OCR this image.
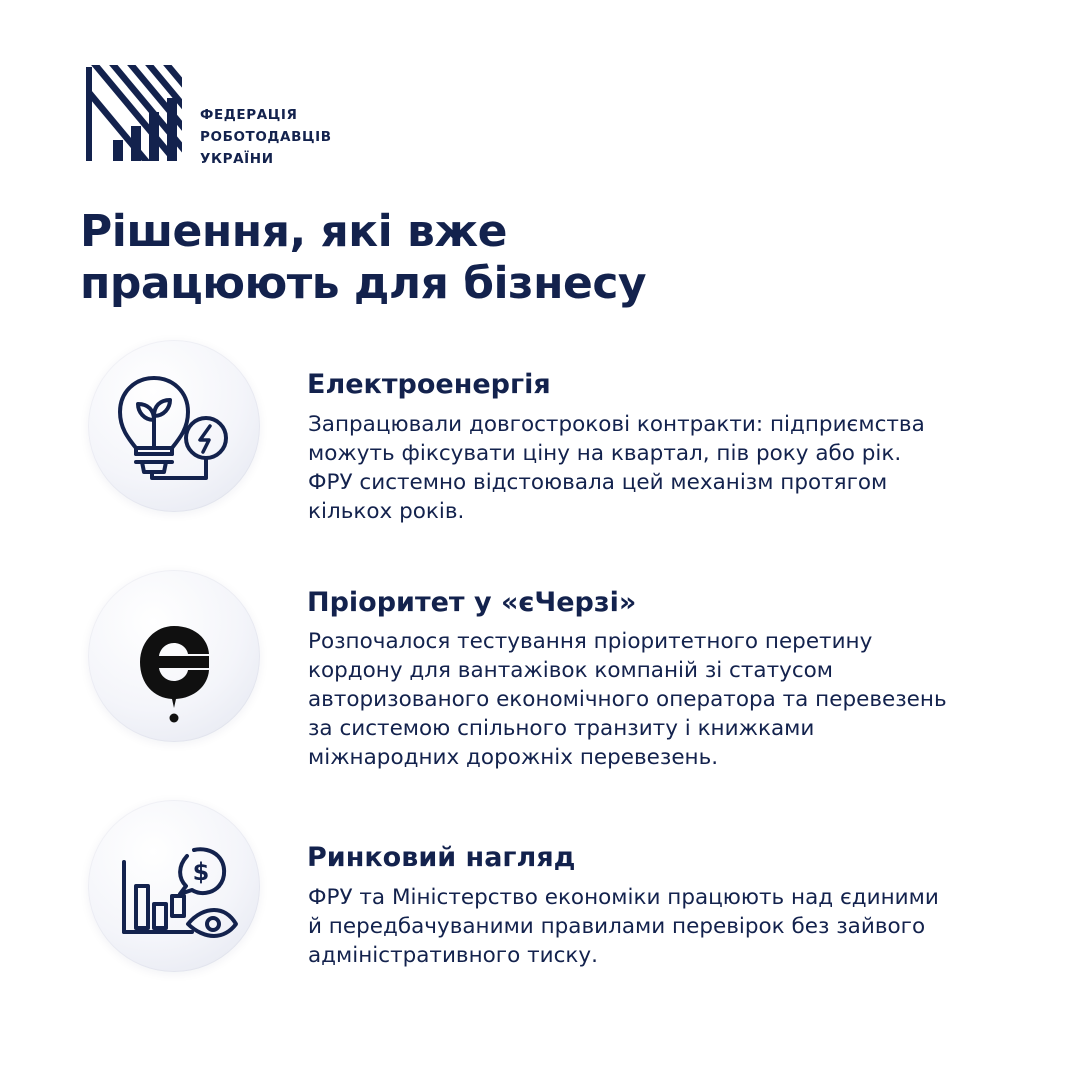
ФЕДЕРАЦІЯ
РОБОТОДАВЦІВ
УКРАЇНИ
Рішення, які вже
працюють для бізнесу
Електроенергія
Запрацювали довгострокові контракти: підприємства
можуть фіксувати ціну на квартал, пів року або рік.
ФРУ системно відстоювала цей механізм протягом
кількох років.
Пріоритет у «єЧерзі»
Розпочалося тестування пріоритетного перетину
кордону для вантажівок компаній зі статусом
авторизованого економічного оператора та перевезень
за системою спільного транзиту і книжками
міжнародних дорожніх перевезень.
$	Ринковий нагляд
ФРУ та Міністерство економіки працюють над єдиними
й передбачуваними правилами перевірок без зайвого
адміністративного тиску.
